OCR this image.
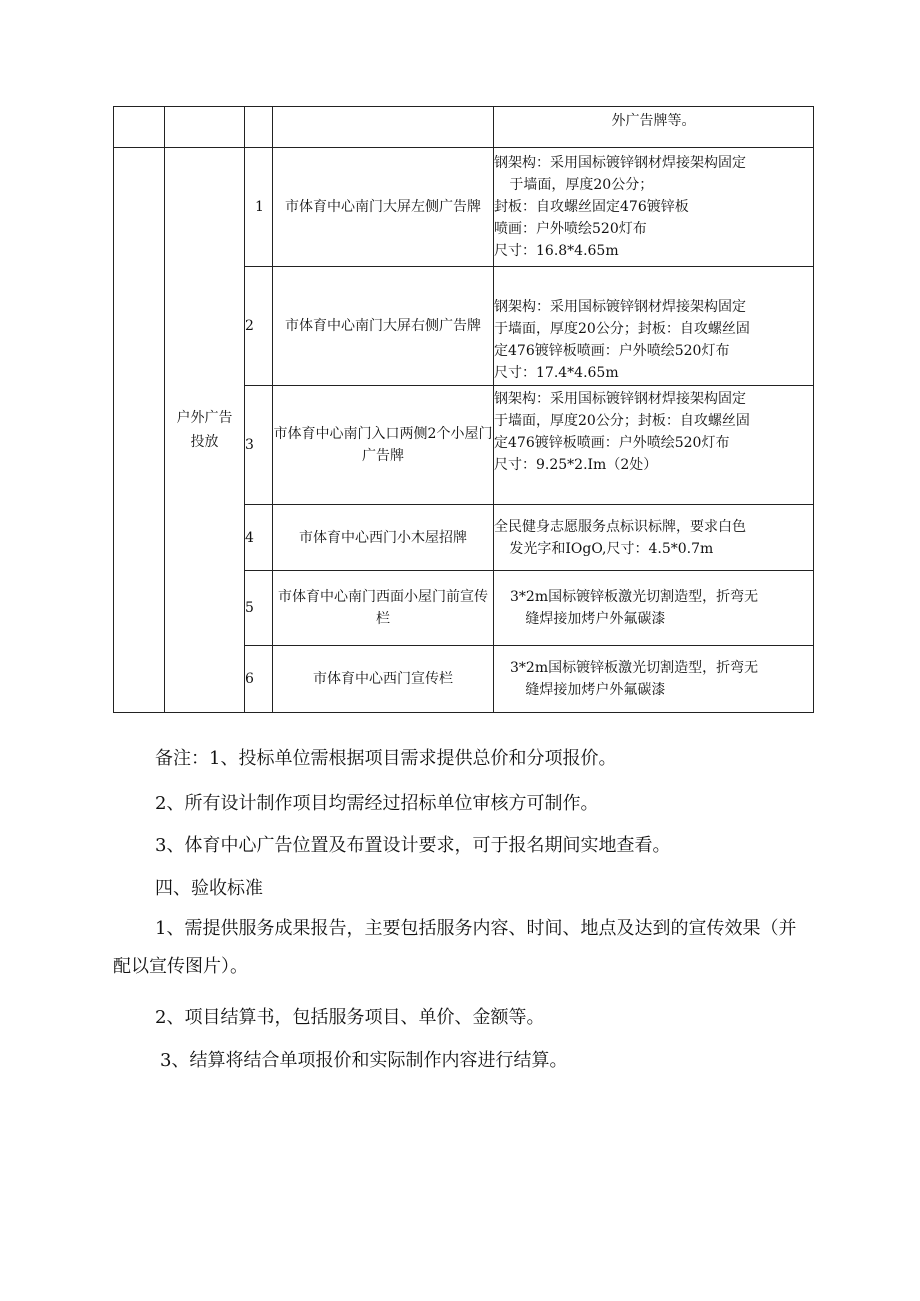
				外广告牌等。
	户外广告投放	1	市体育中心南门大屏左侧广告牌	钢架构：采用国标镀锌钢材焊接架构固定

于墙面，厚度20公分；
封板：自攻螺丝固定476镀锌板
喷画：户外喷绘520灯布
尺寸：16.8*4.65m
		2	市体育中心南门大屏右侧广告牌	钢架构：采用国标镀锌钢材焊接架构固定
于墙面，厚度20公分；封板：自攻螺丝固
定476镀锌板喷画：户外喷绘520灯布
尺寸：17.4*4.65m
		3	市体育中心南门入口两侧2个小屋门广告牌	钢架构：采用国标镀锌钢材焊接架构固定
于墙面，厚度20公分；封板：自攻螺丝固
定476镀锌板喷画：户外喷绘520灯布
尺寸：9.25*2.Im（2处）
		4	市体育中心西门小木屋招牌	全民健身志愿服务点标识标牌，要求白色

发光字和IOgO,尺寸：4.5*0.7m

		5	市体育中心南门西面小屋门前宣传栏	3*2m国标镀锌板激光切割造型，折弯无

缝焊接加烤户外氟碳漆

		6	市体育中心西门宣传栏	3*2m国标镀锌板激光切割造型，折弯无

缝焊接加烤户外氟碳漆

备注：1、投标单位需根据项目需求提供总价和分项报价。

2、所有设计制作项目均需经过招标单位审核方可制作。

3、体育中心广告位置及布置设计要求，可于报名期间实地查看。

四、验收标准

1、需提供服务成果报告，主要包括服务内容、时间、地点及达到的宣传效果（并配以宣传图片）。

2、项目结算书，包括服务项目、单价、金额等。

3、结算将结合单项报价和实际制作内容进行结算。
